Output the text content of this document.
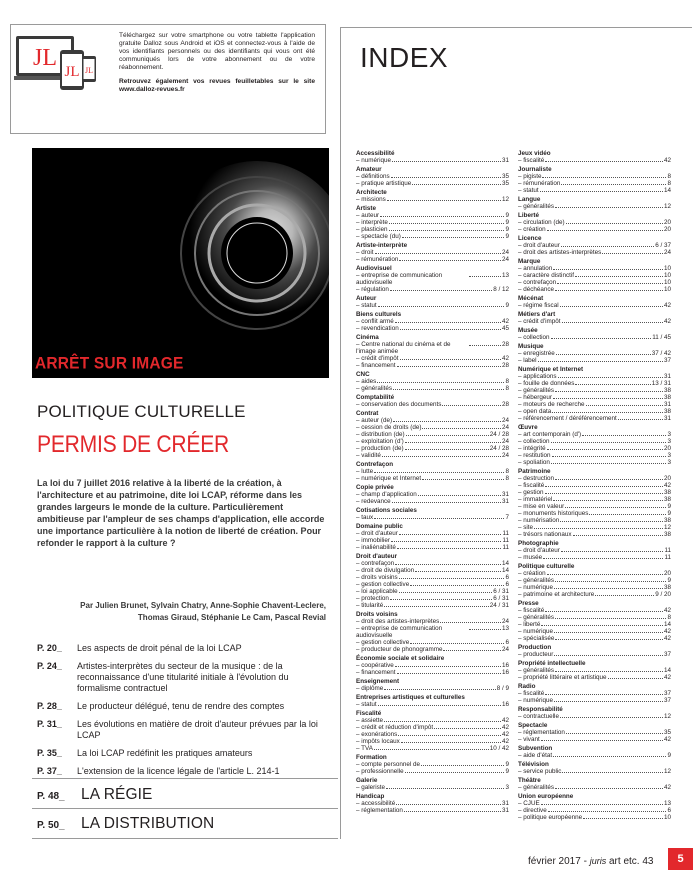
Téléchargez sur votre smartphone ou votre tablette l'application gratuite Dalloz sous Android et iOS et connectez-vous à l'aide de vos identifiants personnels ou des identifiants qui vous ont été communiqués lors de votre abonnement ou de votre réabonnement.

Retrouvez également vos revues feuilletables sur le site www.dalloz-revues.fr

JL
JL JL
ARRÊT SUR IMAGE
POLITIQUE CULTURELLE
PERMIS DE CRÉER
La loi du 7 juillet 2016 relative à la liberté de la création, à l'architecture et au patrimoine, dite loi LCAP, réforme dans les grandes largeurs le monde de la culture. Particulièrement ambitieuse par l'ampleur de ses champs d'application, elle accorde une importance particulière à la notion de liberté de création. Pour refonder le rapport à la culture ?
Par Julien Brunet, Sylvain Chatry, Anne-Sophie Chavent-Leclere,
Thomas Giraud, Stéphanie Le Cam, Pascal Revial
P. 20_	Les aspects de droit pénal de la loi LCAP
P. 24_	Artistes-interprètes du secteur de la musique : de la reconnaissance d'une titularité initiale à l'évolution du formalisme contractuel
P. 28_	Le producteur délégué, tenu de rendre des comptes
P. 31_	Les évolutions en matière de droit d'auteur prévues par la loi LCAP
P. 35_	La loi LCAP redéfinit les pratiques amateurs
P. 37_	L'extension de la licence légale de l'article L. 214-1
P. 48_	LA RÉGIE
P. 50_	LA DISTRIBUTION
INDEX
Accessibilité
– numérique	31
Amateur
– définitions	35
– pratique artistique	35
Architecte
– missions	12
Artiste
– auteur	9
– interprète	9
– plasticien	9
– spectacle (du)	9
Artiste-interprète
– droit	24
– rémunération	24
Audiovisuel
– entreprise de communication audiovisuelle
13
– régulation	8 / 12
Auteur
– statut	9
Biens culturels
– conflit armé	42
– revendication	45
Cinéma
– Centre national du cinéma et de l'image animée
28
– crédit d'impôt	42
– financement	28
CNC
– aides	8
– généralités	8
Comptabilité
– conservation des documents	28
Contrat
– auteur (de)	24
– cession de droits (de)	24
– distribution (de)	24 / 28
– exploitation (d')	24
– production (de)	24 / 28
– validité	24
Contrefaçon
– lutte	8
– numérique et Internet	8
Copie privée
– champ d'application	31
– redevance	31
Cotisations sociales
– taux	7
Domaine public
– droit d'auteur	11
– immobilier	11
– inaliénabilité	11
Droit d'auteur
– contrefaçon	14
– droit de divulgation	14
– droits voisins	6
– gestion collective	6
– loi applicable	6 / 31
– protection	6 / 31
– titularité	24 / 31
Droits voisins
– droit des artistes-interprètes	24
– entreprise de communication audiovisuelle
13
– gestion collective	6
– producteur de phonogramme	24
Économie sociale et solidaire
– coopérative	16
– financement	16
Enseignement
– diplôme	8 / 9
Entreprises artistiques et culturelles
– statut	16
Fiscalité
– assiette	42
– crédit et réduction d'impôt	42
– exonérations	42
– impôts locaux	42
– TVA	10 / 42
Formation
– compte personnel de	9
– professionnelle	9
Galerie
– galeriste	3
Handicap
– accessibilité	31
– réglementation	31
Jeux vidéo
– fiscalité	42
Journaliste
– pigiste	8
– rémunération	8
– statut	14
Langue
– généralités	12
Liberté
– circulation (de)	20
– création	20
Licence
– droit d'auteur	6 / 37
– droit des artistes-interprètes	24
Marque
– annulation	10
– caractère distinctif	10
– contrefaçon	10
– déchéance	10
Mécénat
– régime fiscal	42
Métiers d'art
– crédit d'impôt	42
Musée
– collection	11 / 45
Musique
– enregistrée	37 / 42
– label	37
Numérique et Internet
– applications	31
– fouille de données	13 / 31
– généralités	38
– hébergeur	38
– moteurs de recherche	31
– open data	38
– référencement / déréférencement	31
Œuvre
– art contemporain (d')	3
– collection	3
– intégrité	20
– restitution	3
– spoliation	3
Patrimoine
– destruction	20
– fiscalité	42
– gestion	38
– immatériel	38
– mise en valeur	9
– monuments historiques	9
– numérisation	38
– site	12
– trésors nationaux	38
Photographie
– droit d'auteur	11
– musée	11
Politique culturelle
– création	20
– généralités	9
– numérique	38
– patrimoine et architecture	9 / 20
Presse
– fiscalité	42
– généralités	8
– liberté	14
– numérique	42
– spécialisée	42
Production
– producteur	37
Propriété intellectuelle
– généralités	14
– propriété littéraire et artistique	42
Radio
– fiscalité	37
– numérique	37
Responsabilité
– contractuelle	12
Spectacle
– réglementation	35
– vivant	42
Subvention
– aide d'état	9
Télévision
– service public	12
Théâtre
– généralités	42
Union européenne
– CJUE	13
– directive	6
– politique européenne	10
février 2017 - juris art etc. 43	5
